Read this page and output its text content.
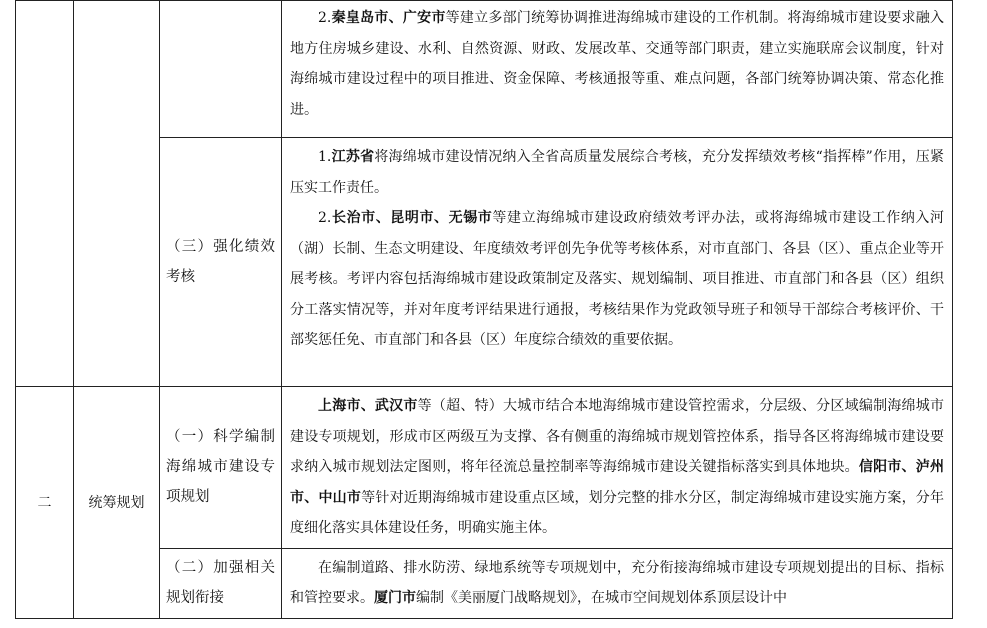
			2.秦皇岛市、广安市等建立多部门统筹协调推进海绵城市建设的工作机制。将海绵城市建设要求融入地方住房城乡建设、水利、自然资源、财政、发展改革、交通等部门职责，建立实施联席会议制度，针对海绵城市建设过程中的项目推进、资金保障、考核通报等重、难点问题，各部门统筹协调决策、常态化推进。

		（三）强化绩效考核	1.江苏省将海绵城市建设情况纳入全省高质量发展综合考核，充分发挥绩效考核“指挥棒”作用，压紧压实工作责任。

2.长治市、昆明市、无锡市等建立海绵城市建设政府绩效考评办法，或将海绵城市建设工作纳入河（湖）长制、生态文明建设、年度绩效考评创先争优等考核体系，对市直部门、各县（区）、重点企业等开展考核。考评内容包括海绵城市建设政策制定及落实、规划编制、项目推进、市直部门和各县（区）组织分工落实情况等，并对年度考评结果进行通报，考核结果作为党政领导班子和领导干部综合考核评价、干部奖惩任免、市直部门和各县（区）年度综合绩效的重要依据。

二	统筹规划	（一）科学编制海绵城市建设专项规划	上海市、武汉市等（超、特）大城市结合本地海绵城市建设管控需求，分层级、分区域编制海绵城市建设专项规划，形成市区两级互为支撑、各有侧重的海绵城市规划管控体系，指导各区将海绵城市建设要求纳入城市规划法定图则，将年径流总量控制率等海绵城市建设关键指标落实到具体地块。信阳市、泸州市、中山市等针对近期海绵城市建设重点区域，划分完整的排水分区，制定海绵城市建设实施方案，分年度细化落实具体建设任务，明确实施主体。

		（二）加强相关规划衔接	在编制道路、排水防涝、绿地系统等专项规划中，充分衔接海绵城市建设专项规划提出的目标、指标和管控要求。厦门市编制《美丽厦门战略规划》，在城市空间规划体系顶层设计中
